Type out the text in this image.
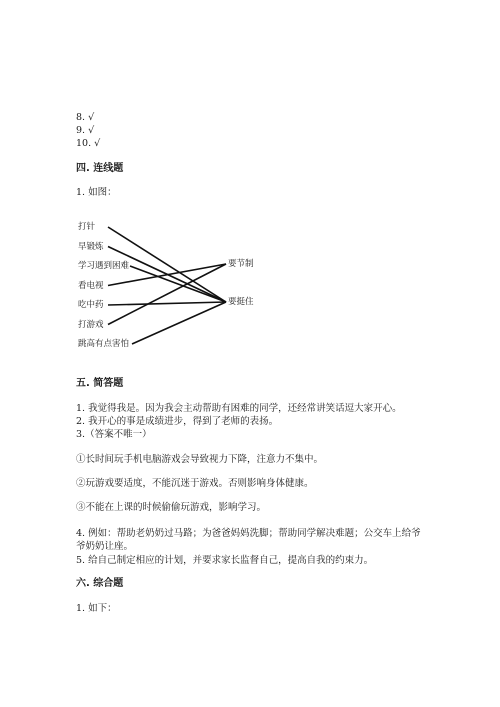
8. √
9. √
10. √
四. 连线题
1. 如图：
打针
早锻炼
学习遇到困难
看电视
吃中药
打游戏
跳高有点害怕
要节制
要挺住
五. 简答题
1. 我觉得我是。因为我会主动帮助有困难的同学，还经常讲笑话逗大家开心。
2. 我开心的事是成绩进步，得到了老师的表扬。
3.（答案不唯一）
①长时间玩手机电脑游戏会导致视力下降，注意力不集中。
②玩游戏要适度，不能沉迷于游戏。否则影响身体健康。
③不能在上课的时候偷偷玩游戏，影响学习。
4. 例如：帮助老奶奶过马路；为爸爸妈妈洗脚；帮助同学解决难题；公交车上给爷爷奶奶让座。
5. 给自己制定相应的计划，并要求家长监督自己，提高自我的约束力。
六. 综合题
1. 如下：
